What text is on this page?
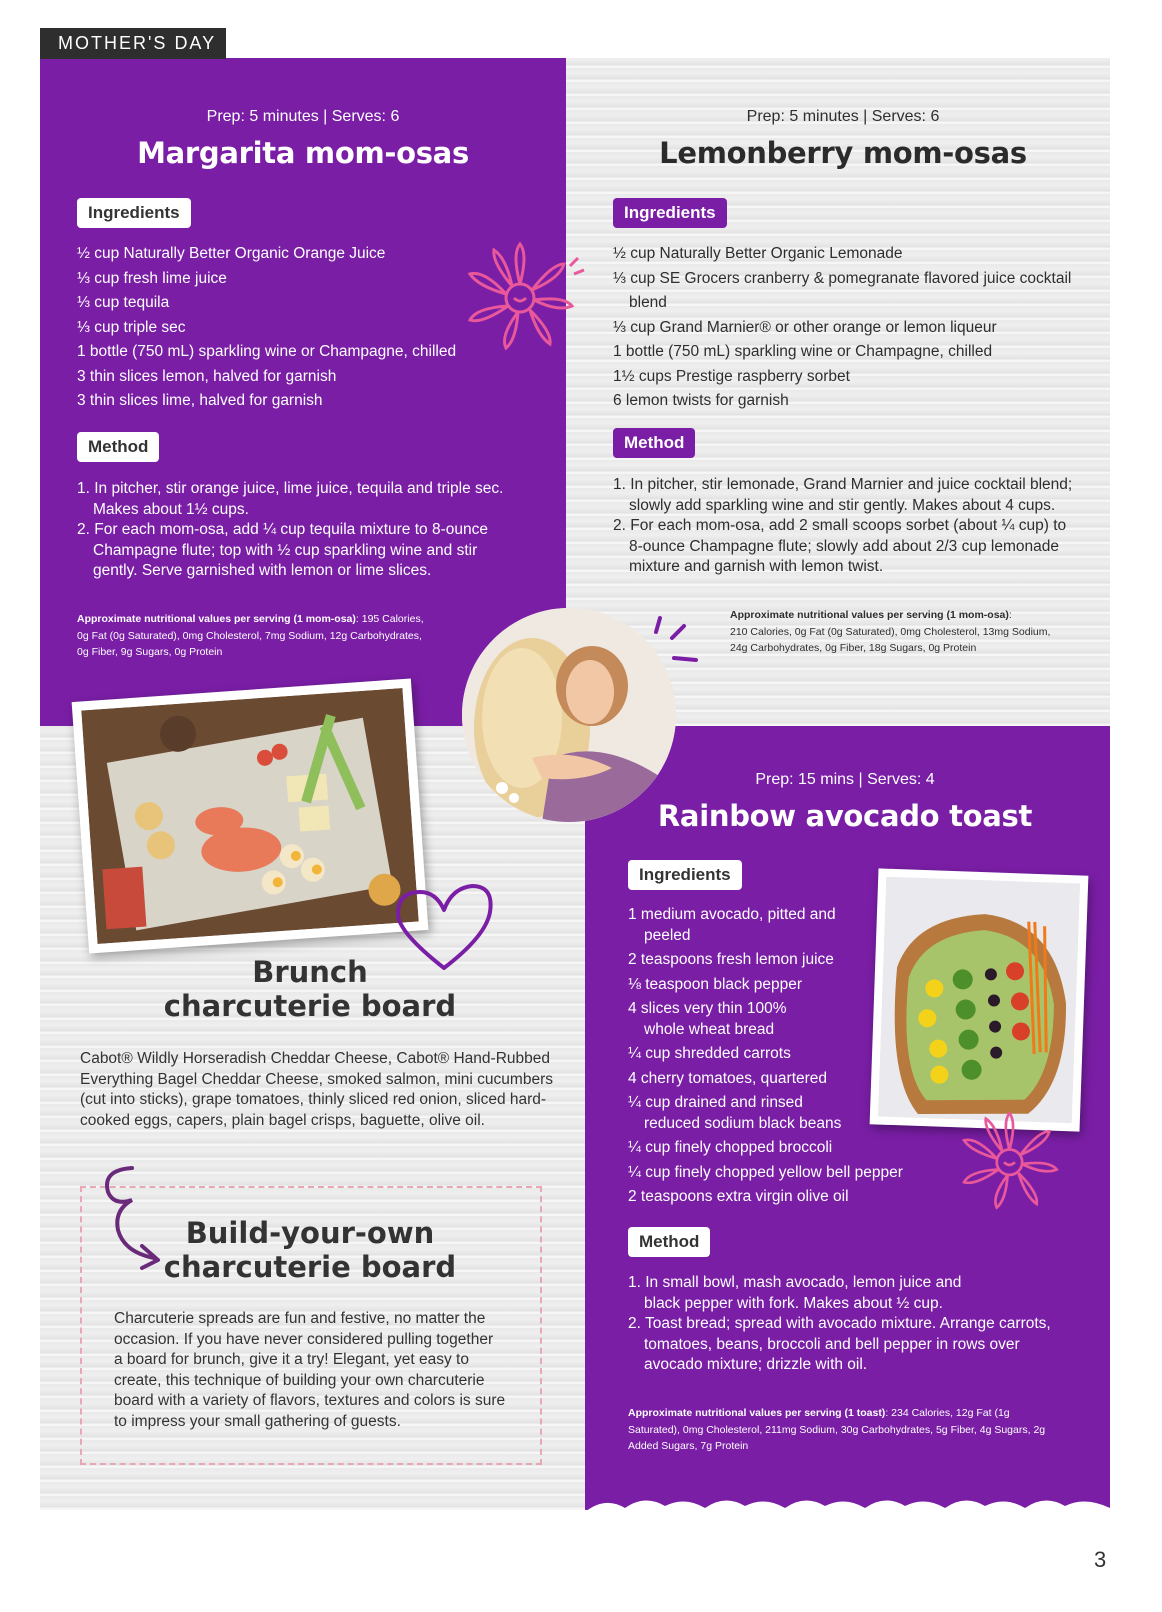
MOTHER'S DAY
Prep: 5 minutes | Serves: 6
Margarita mom-osas
Ingredients
½ cup Naturally Better Organic Orange Juice
⅓ cup fresh lime juice
⅓ cup tequila
⅓ cup triple sec
1 bottle (750 mL) sparkling wine or Champagne, chilled
3 thin slices lemon, halved for garnish
3 thin slices lime, halved for garnish
Method
1. In pitcher, stir orange juice, lime juice, tequila and triple sec.
Makes about 1½ cups.
2. For each mom-osa, add ¼ cup tequila mixture to 8-ounce
Champagne flute; top with ½ cup sparkling wine and stir
gently. Serve garnished with lemon or lime slices.
Approximate nutritional values per serving (1 mom-osa): 195 Calories,
0g Fat (0g Saturated), 0mg Cholesterol, 7mg Sodium, 12g Carbohydrates,
0g Fiber, 9g Sugars, 0g Protein
Prep: 5 minutes | Serves: 6
Lemonberry mom-osas
Ingredients
½ cup Naturally Better Organic Lemonade
⅓ cup SE Grocers cranberry & pomegranate flavored juice cocktail
blend
⅓ cup Grand Marnier® or other orange or lemon liqueur
1 bottle (750 mL) sparkling wine or Champagne, chilled
1½ cups Prestige raspberry sorbet
6 lemon twists for garnish
Method
1. In pitcher, stir lemonade, Grand Marnier and juice cocktail blend;
slowly add sparkling wine and stir gently. Makes about 4 cups.
2. For each mom-osa, add 2 small scoops sorbet (about ¼ cup) to
8-ounce Champagne flute; slowly add about 2/3 cup lemonade
mixture and garnish with lemon twist.
Approximate nutritional values per serving (1 mom-osa):
210 Calories, 0g Fat (0g Saturated), 0mg Cholesterol, 13mg Sodium,
24g Carbohydrates, 0g Fiber, 18g Sugars, 0g Protein
Brunch
charcuterie board
Cabot® Wildly Horseradish Cheddar Cheese, Cabot® Hand-Rubbed
Everything Bagel Cheddar Cheese, smoked salmon, mini cucumbers
(cut into sticks), grape tomatoes, thinly sliced red onion, sliced hard-
cooked eggs, capers, plain bagel crisps, baguette, olive oil.
Build-your-own
charcuterie board
Charcuterie spreads are fun and festive, no matter the
occasion. If you have never considered pulling together
a board for brunch, give it a try! Elegant, yet easy to
create, this technique of building your own charcuterie
board with a variety of flavors, textures and colors is sure
to impress your small gathering of guests.
Prep: 15 mins | Serves: 4
Rainbow avocado toast
Ingredients
1 medium avocado, pitted and
peeled
2 teaspoons fresh lemon juice
⅛ teaspoon black pepper
4 slices very thin 100%
whole wheat bread
¼ cup shredded carrots
4 cherry tomatoes, quartered
¼ cup drained and rinsed
reduced sodium black beans
¼ cup finely chopped broccoli
¼ cup finely chopped yellow bell pepper
2 teaspoons extra virgin olive oil
Method
1. In small bowl, mash avocado, lemon juice and
black pepper with fork. Makes about ½ cup.
2. Toast bread; spread with avocado mixture. Arrange carrots,
tomatoes, beans, broccoli and bell pepper in rows over
avocado mixture; drizzle with oil.
Approximate nutritional values per serving (1 toast): 234 Calories, 12g Fat (1g
Saturated), 0mg Cholesterol, 211mg Sodium, 30g Carbohydrates, 5g Fiber, 4g Sugars, 2g
Added Sugars, 7g Protein
3
